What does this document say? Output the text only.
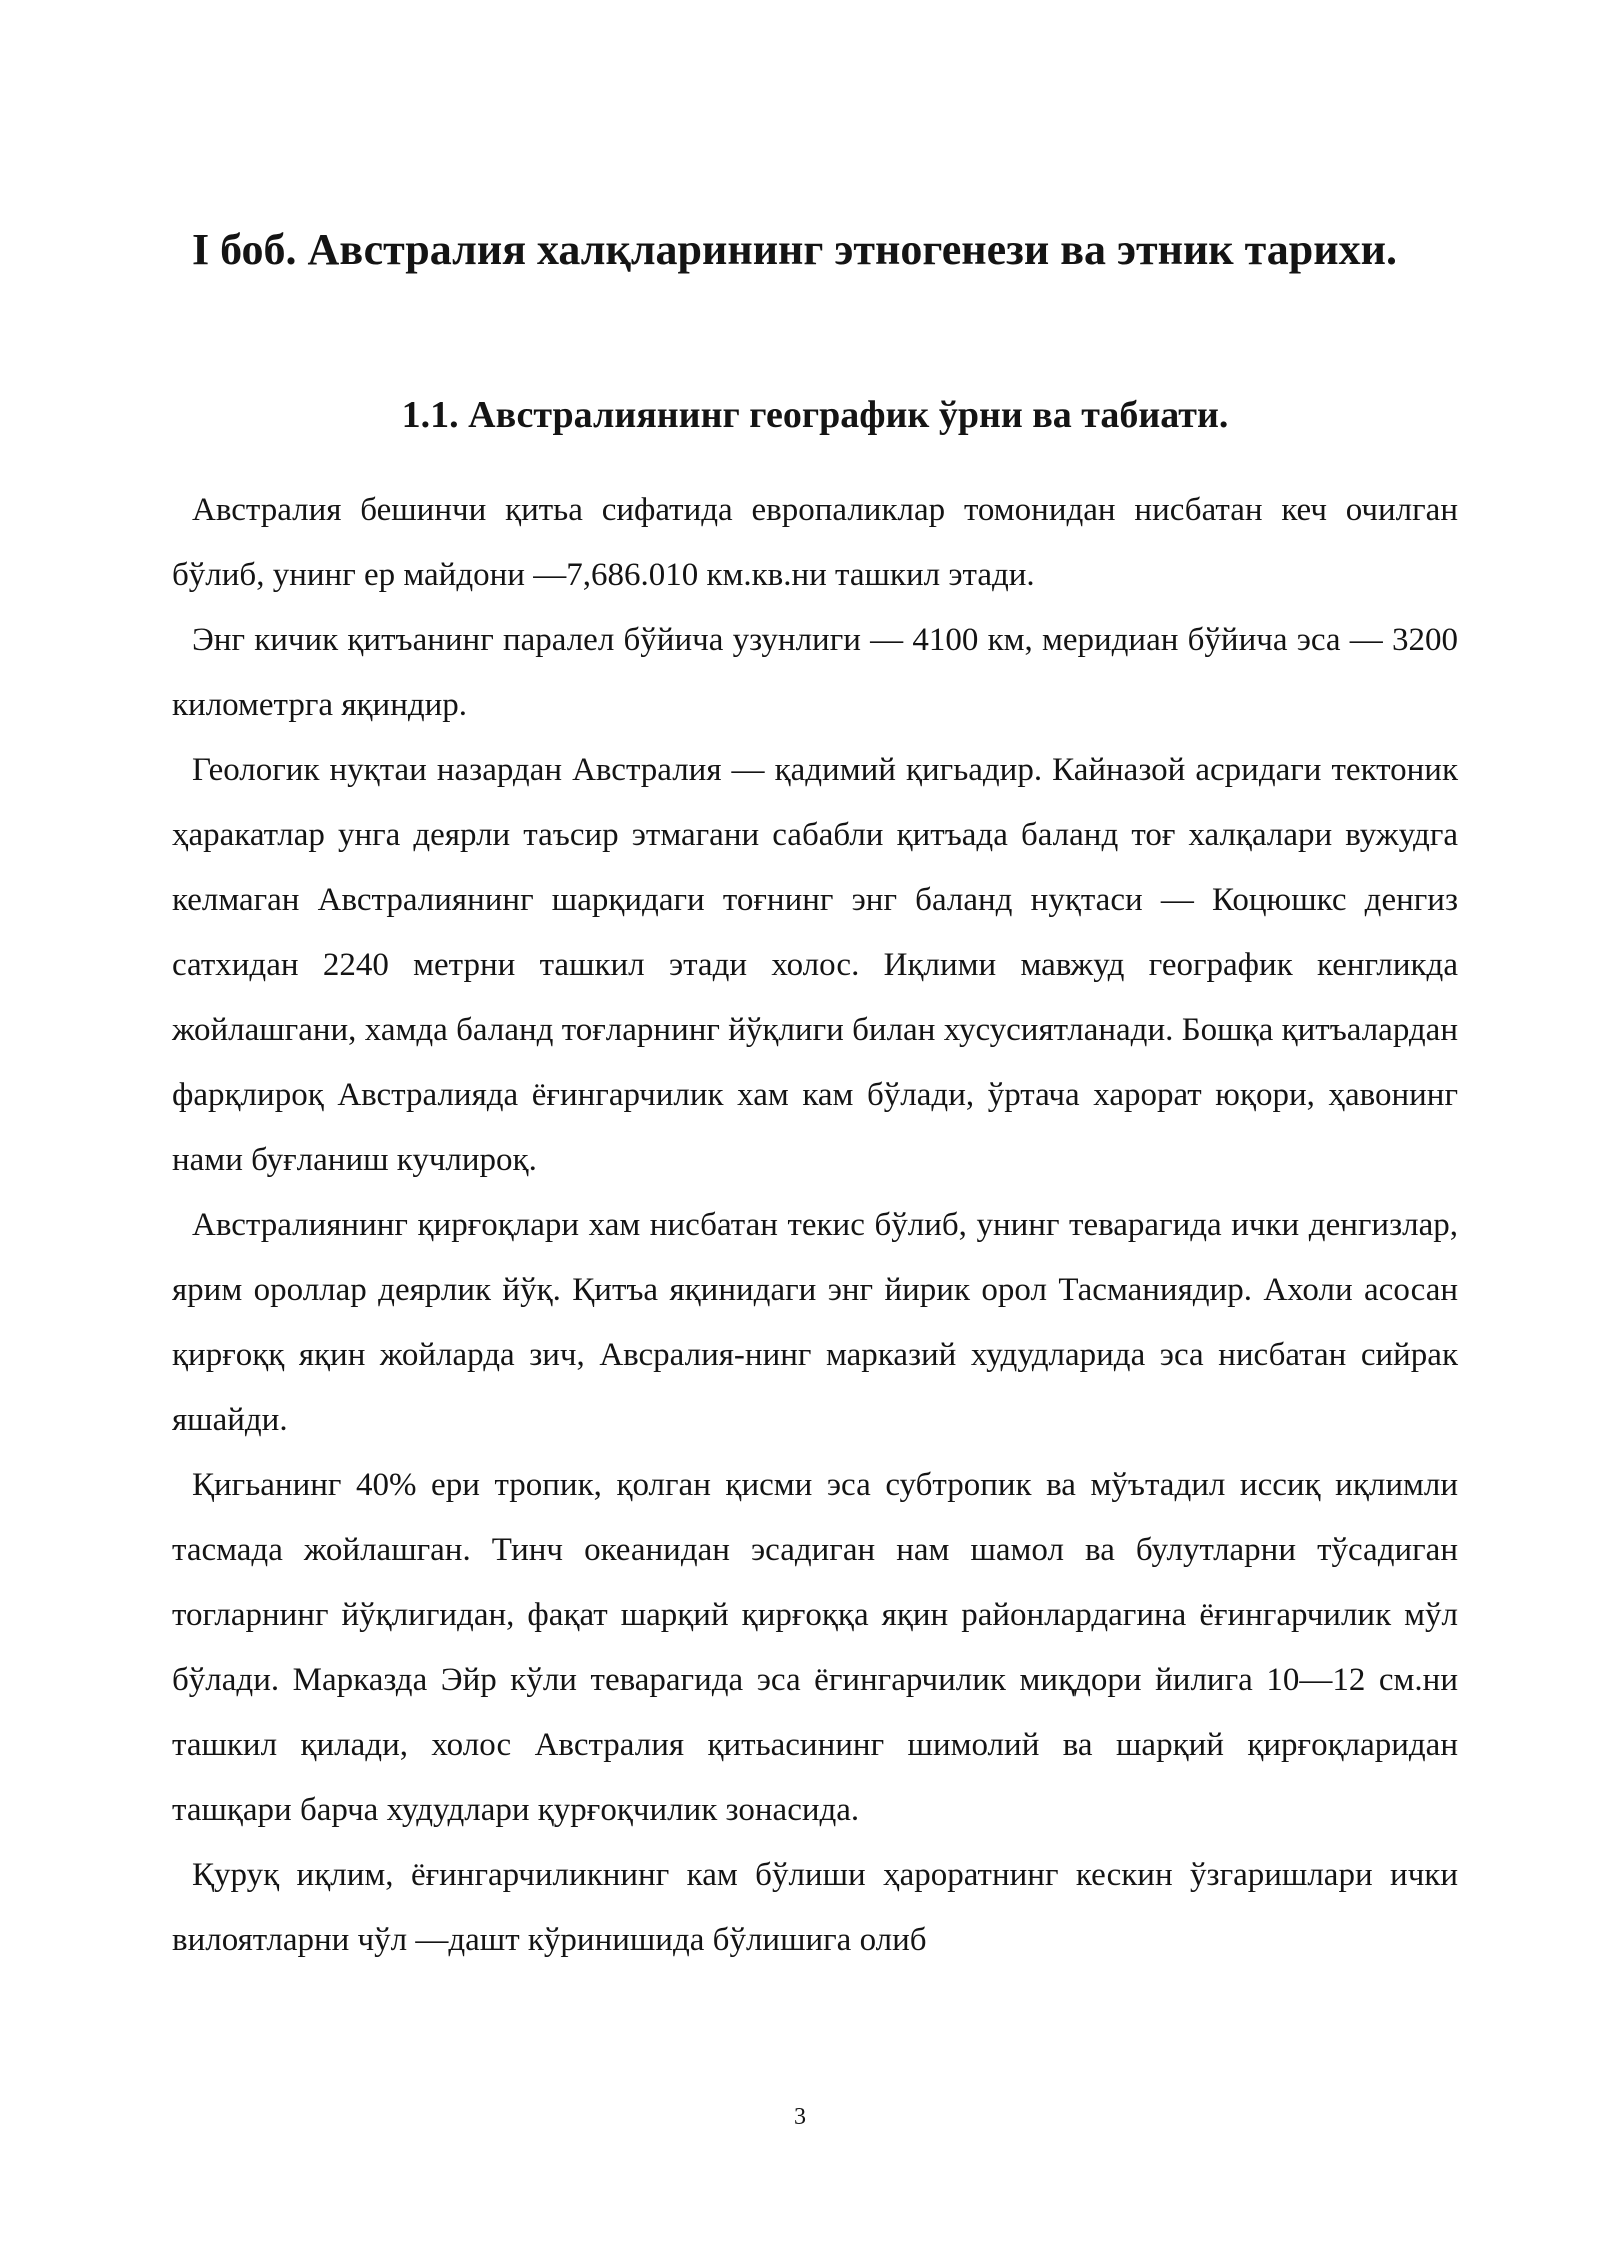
I боб. Австралия халқларининг этногенези ва этник тарихи.
1.1. Австралиянинг географик ўрни ва табиати.

Австралия бешинчи қитьа сифатида европаликлар томонидан нисбатан кеч очилган бўлиб, унинг ер майдони —7,686.010 км.кв.ни ташкил этади.

Энг кичик қитъанинг паралел бўйича узунлиги — 4100 км, меридиан бўйича эса — 3200 километрга яқиндир.

Геологик нуқтаи назардан Австралия — қадимий қигьадир. Кайназой асридаги тектоник ҳаракатлар унга деярли таъсир этмагани сабабли қитъада баланд тоғ халқалари вужудга келмаган Австралиянинг шарқидаги тоғнинг энг баланд нуқтаси — Коцюшкс денгиз сатхидан 2240 метрни ташкил этади холос. Иқлими мавжуд географик кенгликда жойлашгани, хамда баланд тоғларнинг йўқлиги билан хусусиятланади. Бошқа қитъалардан фарқлироқ Австралияда ёғингарчилик хам кам бўлади, ўртача харорат юқори, ҳавонинг нами буғланиш кучлироқ.

Австралиянинг қирғоқлари хам нисбатан текис бўлиб, унинг теварагида ички денгизлар, ярим ороллар деярлик йўқ. Қитъа яқинидаги энг йирик орол Тасманиядир. Ахоли асосан қирғоққ яқин жойларда зич, Авсралия-нинг марказий худудларида эса нисбатан сийрак яшайди.

Қигьанинг 40% ери тропик, қолган қисми эса субтропик ва мўътадил иссиқ иқлимли тасмада жойлашган. Тинч океанидан эсадиган нам шамол ва булутларни тўсадиган тогларнинг йўқлигидан, фақат шарқий қирғоққа яқин районлардагина ёғингарчилик мўл бўлади. Марказда Эйр кўли теварагида эса ёгингарчилик миқдори йилига 10—12 см.ни ташкил қилади, холос Австралия қитьасининг шимолий ва шарқий қирғоқларидан ташқари барча худудлари қурғоқчилик зонасида.

Қуруқ иқлим, ёғингарчиликнинг кам бўлиши ҳароратнинг кескин ўзгаришлари ички вилоятларни чўл —дашт кўринишида бўлишига олиб

3
